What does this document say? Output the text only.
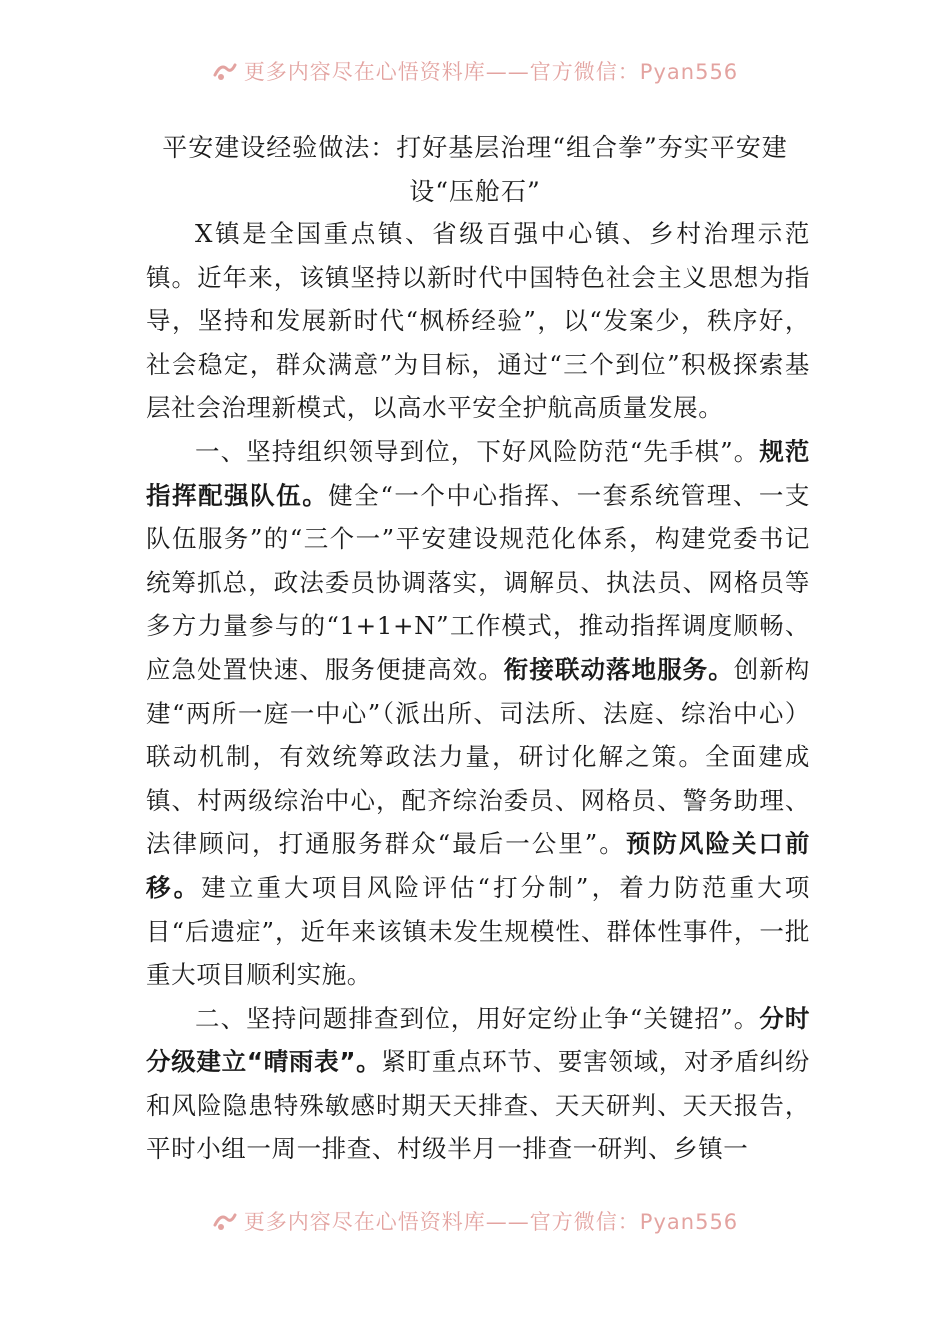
更多内容尽在心悟资料库——官方微信：Pyan556
平安建设经验做法：打好基层治理“组合拳”夯实平安建设“压舱石”

X镇是全国重点镇、省级百强中心镇、乡村治理示范镇。近年来，该镇坚持以新时代中国特色社会主义思想为指导，坚持和发展新时代“枫桥经验”，以“发案少，秩序好，社会稳定，群众满意”为目标，通过“三个到位”积极探索基层社会治理新模式，以高水平安全护航高质量发展。

一、坚持组织领导到位，下好风险防范“先手棋”。规范指挥配强队伍。健全“一个中心指挥、一套系统管理、一支队伍服务”的“三个一”平安建设规范化体系，构建党委书记统筹抓总，政法委员协调落实，调解员、执法员、网格员等多方力量参与的“1+1+N”工作模式，推动指挥调度顺畅、应急处置快速、服务便捷高效。衔接联动落地服务。创新构建“两所一庭一中心”（派出所、司法所、法庭、综治中心）联动机制，有效统筹政法力量，研讨化解之策。全面建成镇、村两级综治中心，配齐综治委员、网格员、警务助理、法律顾问，打通服务群众“最后一公里”。预防风险关口前移。建立重大项目风险评估“打分制”，着力防范重大项目“后遗症”，近年来该镇未发生规模性、群体性事件，一批重大项目顺利实施。

二、坚持问题排查到位，用好定纷止争“关键招”。分时分级建立“晴雨表”。紧盯重点环节、要害领域，对矛盾纠纷和风险隐患特殊敏感时期天天排查、天天研判、天天报告，平时小组一周一排查、村级半月一排查一研判、乡镇一

更多内容尽在心悟资料库——官方微信：Pyan556
